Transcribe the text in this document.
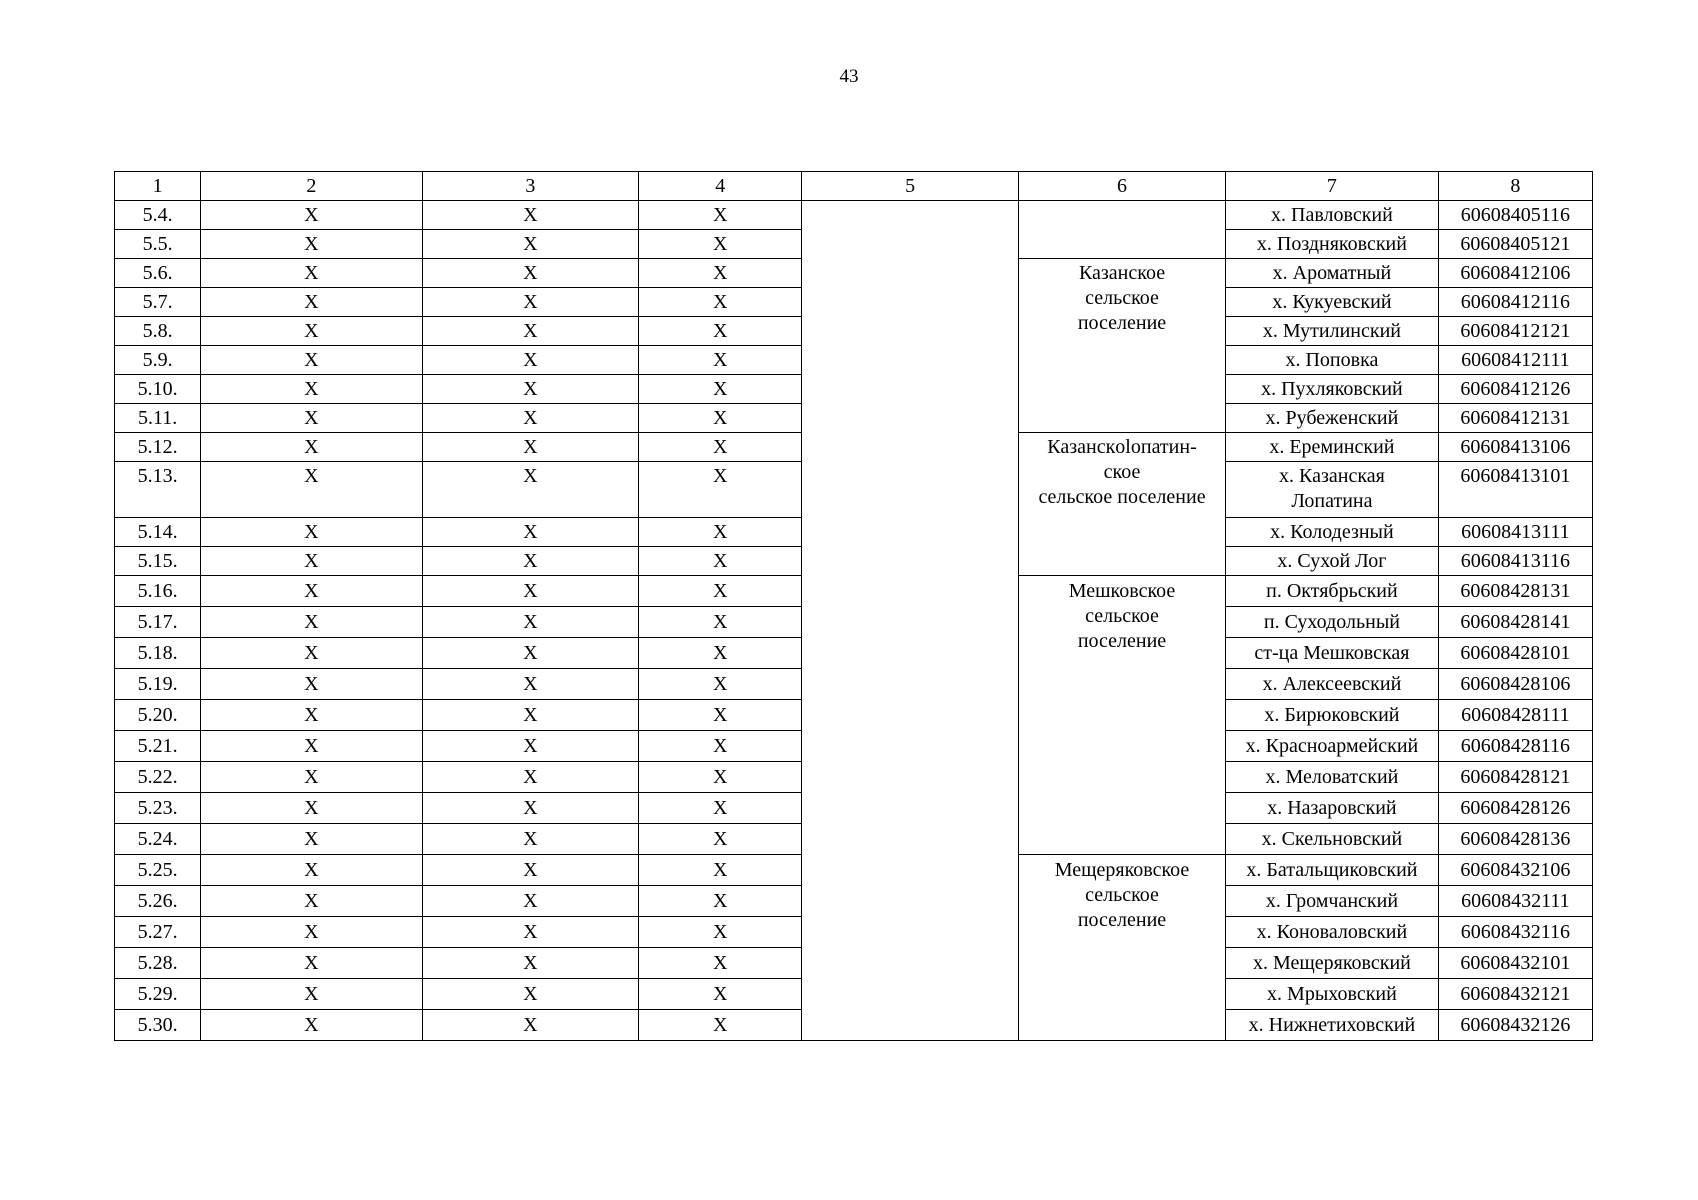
43
1	2	3	4	5	6	7	8
5.4.	X	X	X			х. Павловский	60608405116
5.5.	X	X	X			х. Поздняковский	60608405121
5.6.	X	X	X		Казанское
сельское
поселение	х. Ароматный	60608412106
5.7.	X	X	X			х. Кукуевский	60608412116
5.8.	X	X	X			х. Мутилинский	60608412121
5.9.	X	X	X			х. Поповка	60608412111
5.10.	X	X	X			х. Пухляковский	60608412126
5.11.	X	X	X			х. Рубеженский	60608412131
5.12.	X	X	X		Казанскolопатин-
ское
сельское поселение	х. Ереминский	60608413106
5.13.	X	X	X			х. Казанская
Лопатина	60608413101
5.14.	X	X	X			х. Колодезный	60608413111
5.15.	X	X	X			х. Сухой Лог	60608413116
5.16.	X	X	X		Мешковское
сельское
поселение	п. Октябрьский	60608428131
5.17.	X	X	X			п. Суходольный	60608428141
5.18.	X	X	X			ст-ца Мешковская	60608428101
5.19.	X	X	X			х. Алексеевский	60608428106
5.20.	X	X	X			х. Бирюковский	60608428111
5.21.	X	X	X			х. Красноармейский	60608428116
5.22.	X	X	X			х. Меловатский	60608428121
5.23.	X	X	X			х. Назаровский	60608428126
5.24.	X	X	X			х. Скельновский	60608428136
5.25.	X	X	X		Мещеряковское
сельское
поселение	х. Батальщиковский	60608432106
5.26.	X	X	X			х. Громчанский	60608432111
5.27.	X	X	X			х. Коноваловский	60608432116
5.28.	X	X	X			х. Мещеряковский	60608432101
5.29.	X	X	X			х. Мрыховский	60608432121
5.30.	X	X	X			х. Нижнетиховский	60608432126
